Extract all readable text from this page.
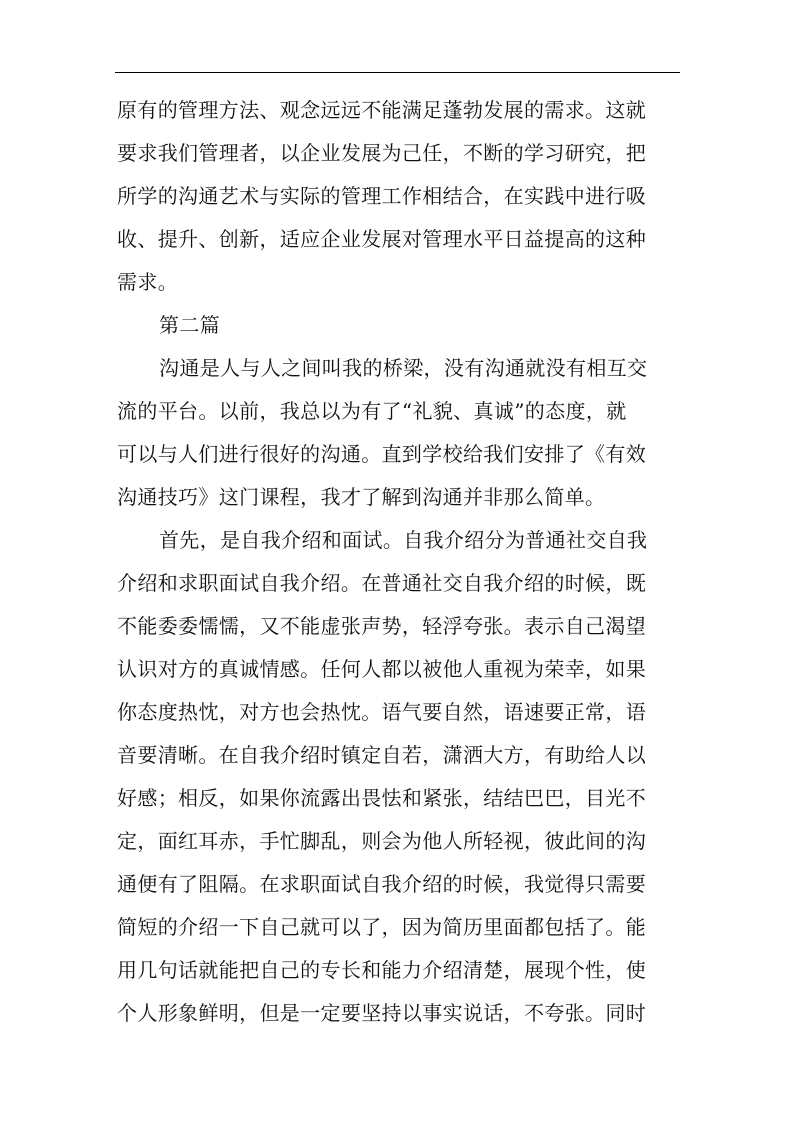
原有的管理方法、观念远远不能满足蓬勃发展的需求。这就
要求我们管理者，以企业发展为己任，不断的学习研究，把
所学的沟通艺术与实际的管理工作相结合，在实践中进行吸
收、提升、创新，适应企业发展对管理水平日益提高的这种
需求。
第二篇
沟通是人与人之间叫我的桥梁，没有沟通就没有相互交
流的平台。以前，我总以为有了“礼貌、真诚”的态度，就
可以与人们进行很好的沟通。直到学校给我们安排了《有效
沟通技巧》这门课程，我才了解到沟通并非那么简单。
首先，是自我介绍和面试。自我介绍分为普通社交自我
介绍和求职面试自我介绍。在普通社交自我介绍的时候，既
不能委委懦懦，又不能虚张声势，轻浮夸张。表示自己渴望
认识对方的真诚情感。任何人都以被他人重视为荣幸，如果
你态度热忱，对方也会热忱。语气要自然，语速要正常，语
音要清晰。在自我介绍时镇定自若，潇洒大方，有助给人以
好感；相反，如果你流露出畏怯和紧张，结结巴巴，目光不
定，面红耳赤，手忙脚乱，则会为他人所轻视，彼此间的沟
通便有了阻隔。在求职面试自我介绍的时候，我觉得只需要
简短的介绍一下自己就可以了，因为简历里面都包括了。能
用几句话就能把自己的专长和能力介绍清楚，展现个性，使
个人形象鲜明，但是一定要坚持以事实说话，不夸张。同时
